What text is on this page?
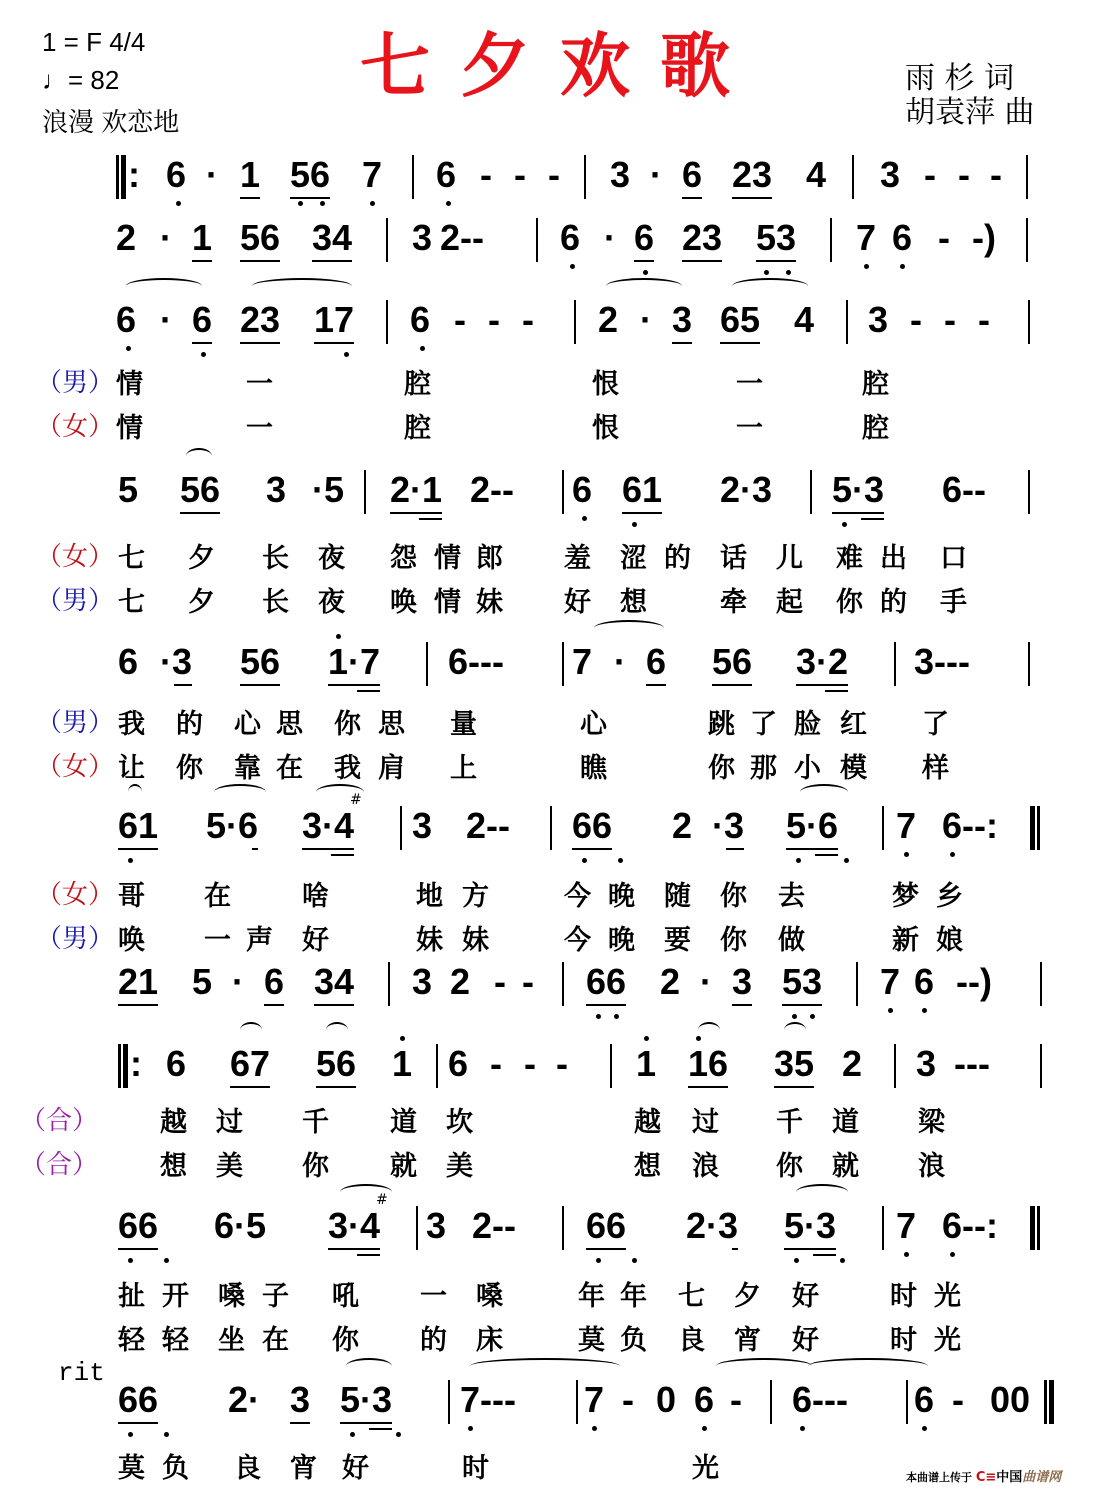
1 = F 4/4
♩= 82
浪漫 欢恋地
七夕欢歌	雨 杉 词
胡袁萍 曲
: 6 · 1 56 7 6 - - - 3 · 6 23 4 3 - - -
2 · 1 56 34 3 2-- 6 · 6 23 53 7 6 - -)
6 · 6 23 17 6 - - - 2 · 3 65 4 3 - - -
（男） 情	一	腔	恨	一	腔
（女） 情	一	腔	恨	一	腔
5 56 3 ·5 2·1 2-- 6 61 2·3 5·3 6--
（女） 七 夕 长 夜 怨 情 郎 羞 涩 的 话 儿 难 出 口
（男） 七 夕 长 夜 唤 情 妹 好 想	牵 起 你 的 手
6 ·3 56 1·7 6--- 7 · 6 56 3·2 3---
（男） 我 的 心 思 你 思 量	心	跳 了 脸 红 了
（女） 让 你 靠 在 我 肩 上	瞧	你 那 小 模 样
61 5·6 3·4
#
3 2-- 66 2 ·3 5·6 7 6--:
（女） 哥 在	啥	地 方	今 晚 随 你 去	梦 乡
（男） 唤 一 声 好	妹 妹	今 晚 要 你 做	新 娘
21 5 · 6 34 3 2 - - 66 2 · 3 53 7 6 --)
: 6 67 56 1 6 - - - 1 16 35 2 3 ---
（合） 越 过 千 道 坎	越 过 千 道 梁
（合） 想 美 你 就 美	想 浪 你 就 浪
66 6·5 3·4
#
3 2-- 66 2·3 5·3 7 6--:
扯 开 嗓 子 吼 一 嗓	年 年 七 夕 好	时 光
轻 轻 坐 在 你 的 床	莫 负 良 宵 好	时 光
rit
66 2· 3 5·3 7--- 7 - 0 6 - 6--- 6 - 00
莫 负 良 宵 好	时	光	本曲谱上传于 C≡中国曲谱网
